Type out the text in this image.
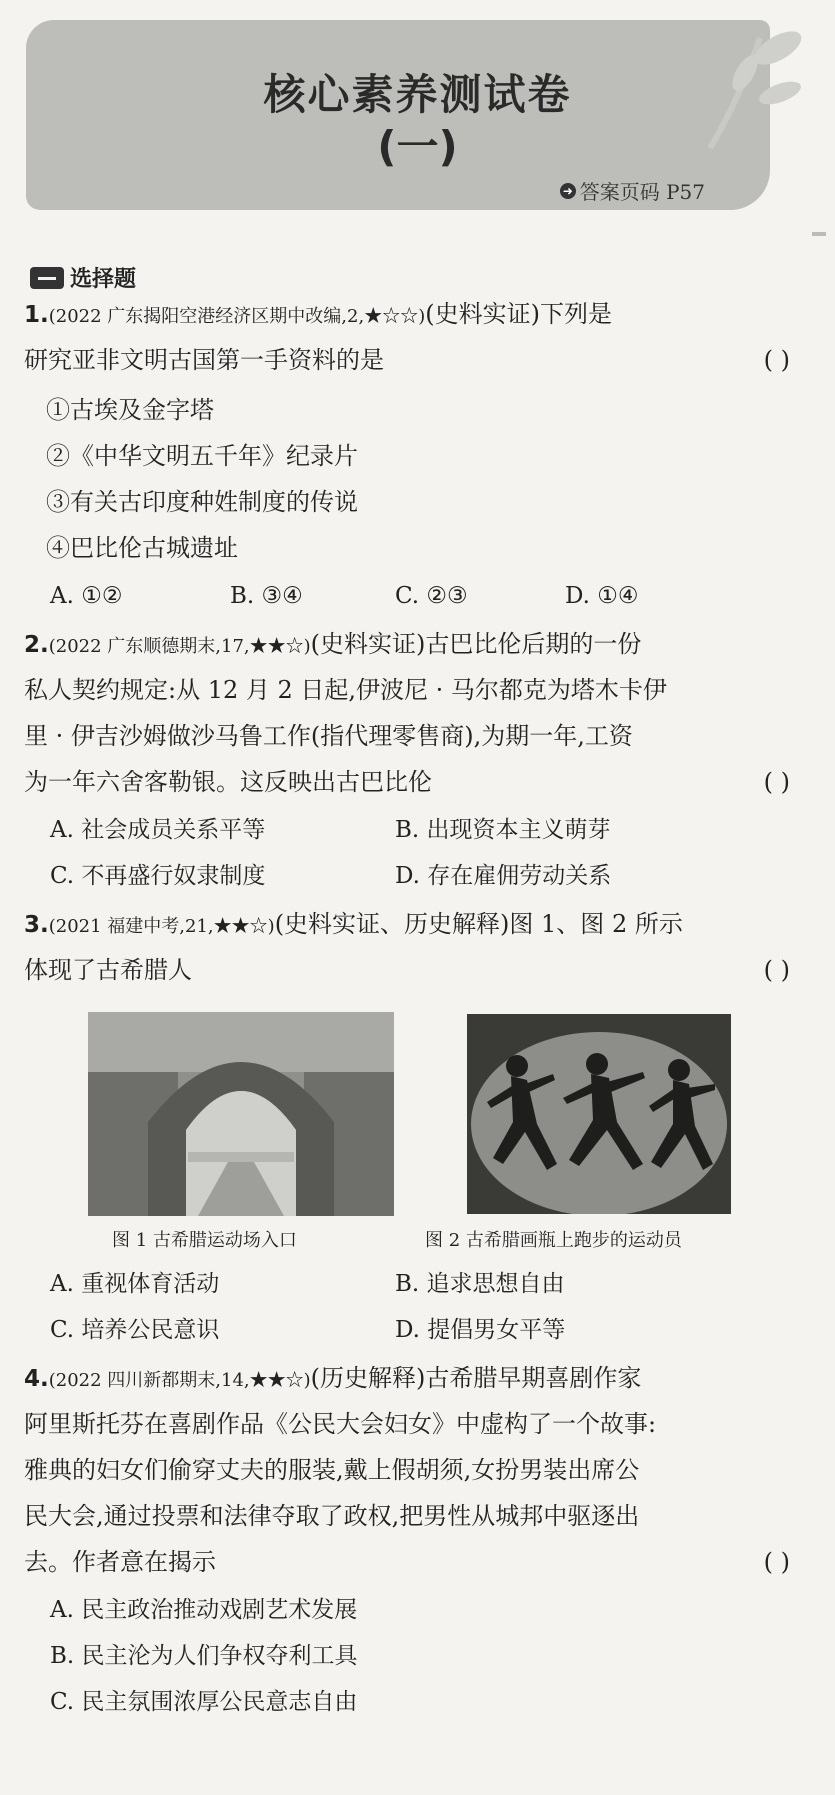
核心素养测试卷
(一)
➜ 答案页码 P57
选择题
1.(2022 广东揭阳空港经济区期中改编,2,★☆☆)(史料实证)下列是
研究亚非文明古国第一手资料的是	( )
①古埃及金字塔
②《中华文明五千年》纪录片
③有关古印度种姓制度的传说
④巴比伦古城遗址
A. ①②	B. ③④	C. ②③	D. ①④
2.(2022 广东顺德期末,17,★★☆)(史料实证)古巴比伦后期的一份
私人契约规定:从 12 月 2 日起,伊波尼 · 马尔都克为塔木卡伊
里 · 伊吉沙姆做沙马鲁工作(指代理零售商),为期一年,工资
为一年六舍客勒银。这反映出古巴比伦	( )
A. 社会成员关系平等	B. 出现资本主义萌芽
C. 不再盛行奴隶制度	D. 存在雇佣劳动关系
3.(2021 福建中考,21,★★☆)(史料实证、历史解释)图 1、图 2 所示
体现了古希腊人	( )
图 1 古希腊运动场入口	图 2 古希腊画瓶上跑步的运动员
A. 重视体育活动	B. 追求思想自由
C. 培养公民意识	D. 提倡男女平等
4.(2022 四川新都期末,14,★★☆)(历史解释)古希腊早期喜剧作家
阿里斯托芬在喜剧作品《公民大会妇女》中虚构了一个故事:
雅典的妇女们偷穿丈夫的服装,戴上假胡须,女扮男装出席公
民大会,通过投票和法律夺取了政权,把男性从城邦中驱逐出
去。作者意在揭示	( )
A. 民主政治推动戏剧艺术发展
B. 民主沦为人们争权夺利工具
C. 民主氛围浓厚公民意志自由
